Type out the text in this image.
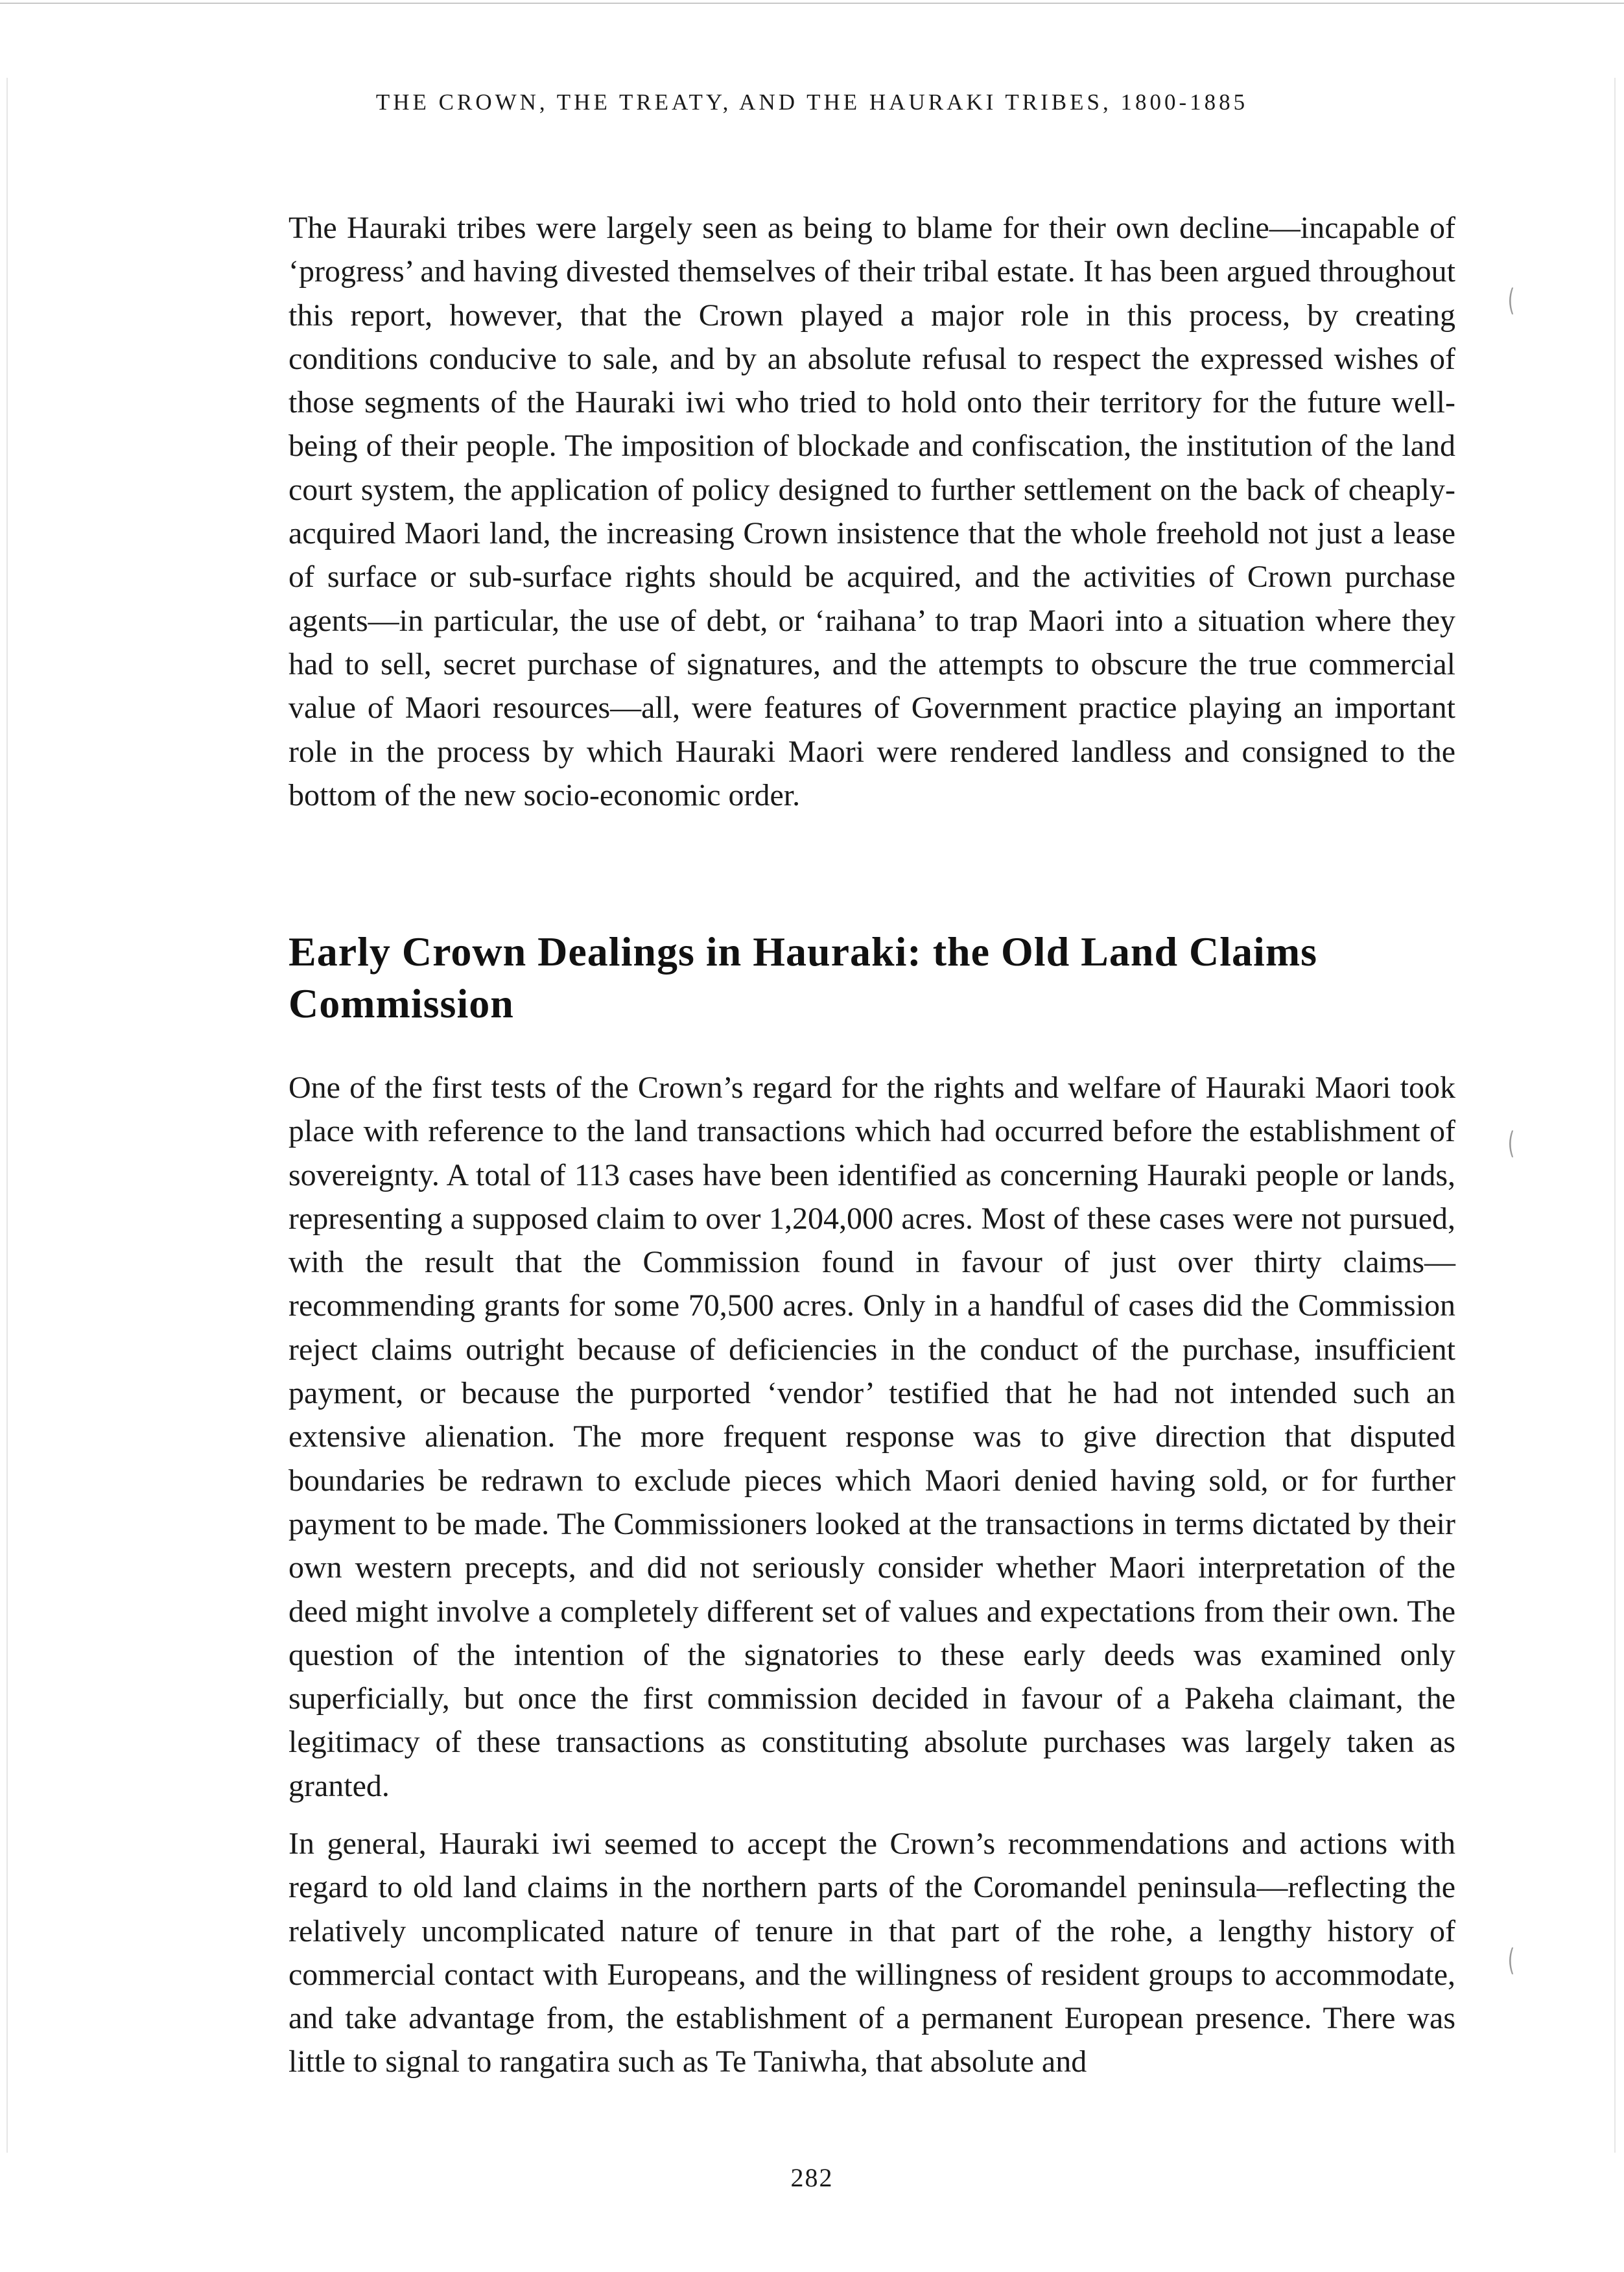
THE CROWN, THE TREATY, AND THE HAURAKI TRIBES, 1800-1885

The Hauraki tribes were largely seen as being to blame for their own decline—incapable of ‘progress’ and having divested themselves of their tribal estate. It has been argued throughout this report, however, that the Crown played a major role in this process, by creating conditions conducive to sale, and by an absolute refusal to respect the expressed wishes of those segments of the Hauraki iwi who tried to hold onto their territory for the future well-being of their people. The imposition of blockade and confiscation, the institution of the land court system, the application of policy designed to further settlement on the back of cheaply-acquired Maori land, the increasing Crown insistence that the whole freehold not just a lease of surface or sub-surface rights should be acquired, and the activities of Crown purchase agents—in particular, the use of debt, or ‘raihana’ to trap Maori into a situation where they had to sell, secret purchase of signatures, and the attempts to obscure the true commercial value of Maori resources—all, were features of Government practice playing an important role in the process by which Hauraki Maori were rendered landless and consigned to the bottom of the new socio-economic order.

Early Crown Dealings in Hauraki: the Old Land Claims Commission

One of the first tests of the Crown’s regard for the rights and welfare of Hauraki Maori took place with reference to the land transactions which had occurred before the establishment of sovereignty. A total of 113 cases have been identified as concerning Hauraki people or lands, representing a supposed claim to over 1,204,000 acres. Most of these cases were not pursued, with the result that the Commission found in favour of just over thirty claims—recommending grants for some 70,500 acres. Only in a handful of cases did the Commission reject claims outright because of deficiencies in the conduct of the purchase, insufficient payment, or because the purported ‘vendor’ testified that he had not intended such an extensive alienation. The more frequent response was to give direction that disputed boundaries be redrawn to exclude pieces which Maori denied having sold, or for further payment to be made. The Commissioners looked at the transactions in terms dictated by their own western precepts, and did not seriously consider whether Maori interpretation of the deed might involve a completely different set of values and expectations from their own. The question of the intention of the signatories to these early deeds was examined only superficially, but once the first commission decided in favour of a Pakeha claimant, the legitimacy of these transactions as constituting absolute purchases was largely taken as granted.

In general, Hauraki iwi seemed to accept the Crown’s recommendations and actions with regard to old land claims in the northern parts of the Coromandel peninsula—reflecting the relatively uncomplicated nature of tenure in that part of the rohe, a lengthy history of commercial contact with Europeans, and the willingness of resident groups to accommodate, and take advantage from, the establishment of a permanent European presence. There was little to signal to rangatira such as Te Taniwha, that absolute and

(
(
(
282
